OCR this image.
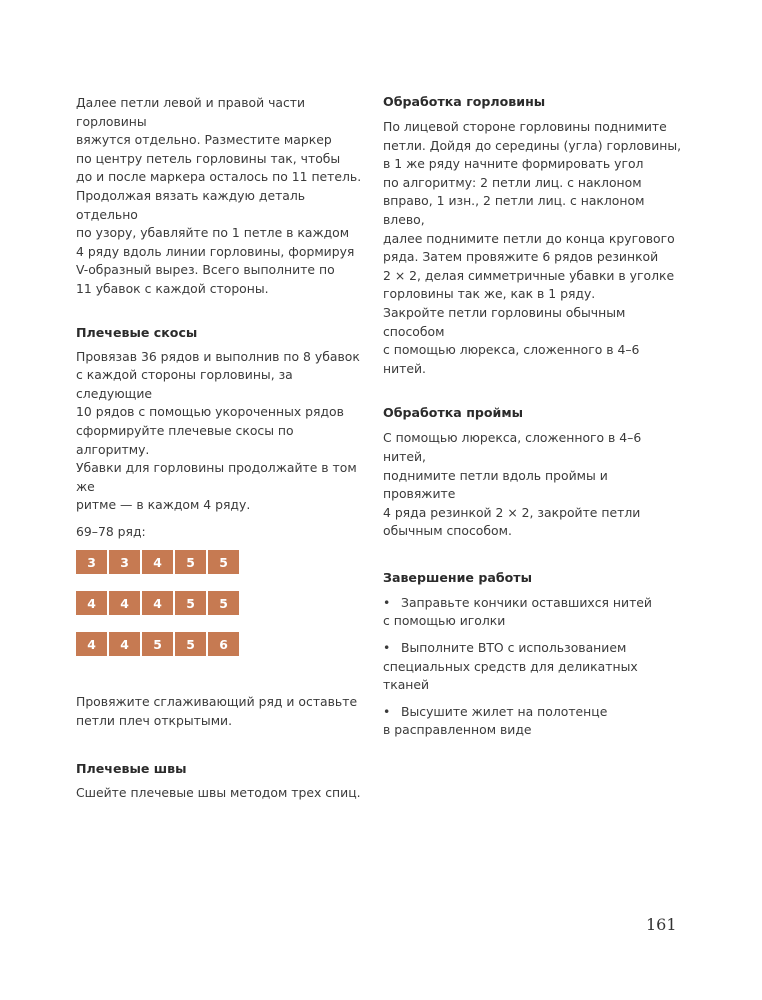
Далее петли левой и правой части горловины
вяжутся отдельно. Разместите маркер
по центру петель горловины так, чтобы
до и после маркера осталось по 11 петель.
Продолжая вязать каждую деталь отдельно
по узору, убавляйте по 1 петле в каждом
4 ряду вдоль линии горловины, формируя
V-образный вырез. Всего выполните по
11 убавок с каждой стороны.

Плечевые скосы

Провязав 36 рядов и выполнив по 8 убавок
с каждой стороны горловины, за следующие
10 рядов с помощью укороченных рядов
сформируйте плечевые скосы по алгоритму.
Убавки для горловины продолжайте в том же
ритме — в каждом 4 ряду.

69–78 ряд:

3	3	4	5	5
4	4	4	5	5
4	4	5	5	6

Провяжите сглаживающий ряд и оставьте
петли плеч открытыми.

Плечевые швы

Сшейте плечевые швы методом трех спиц.

Обработка горловины

По лицевой стороне горловины поднимите
петли. Дойдя до середины (угла) горловины,
в 1 же ряду начните формировать угол
по алгоритму: 2 петли лиц. с наклоном
вправо, 1 изн., 2 петли лиц. с наклоном влево,
далее поднимите петли до конца кругового
ряда. Затем провяжите 6 рядов резинкой
2 × 2, делая симметричные убавки в уголке
горловины так же, как в 1 ряду.
Закройте петли горловины обычным способом
с помощью люрекса, сложенного в 4–6 нитей.

Обработка проймы

С помощью люрекса, сложенного в 4–6 нитей,
поднимите петли вдоль проймы и провяжите
4 ряда резинкой 2 × 2, закройте петли
обычным способом.

Завершение работы

• Заправьте кончики оставшихся нитей
с помощью иголки

• Выполните ВТО с использованием
специальных средств для деликатных тканей

• Высушите жилет на полотенце
в расправленном виде

161
